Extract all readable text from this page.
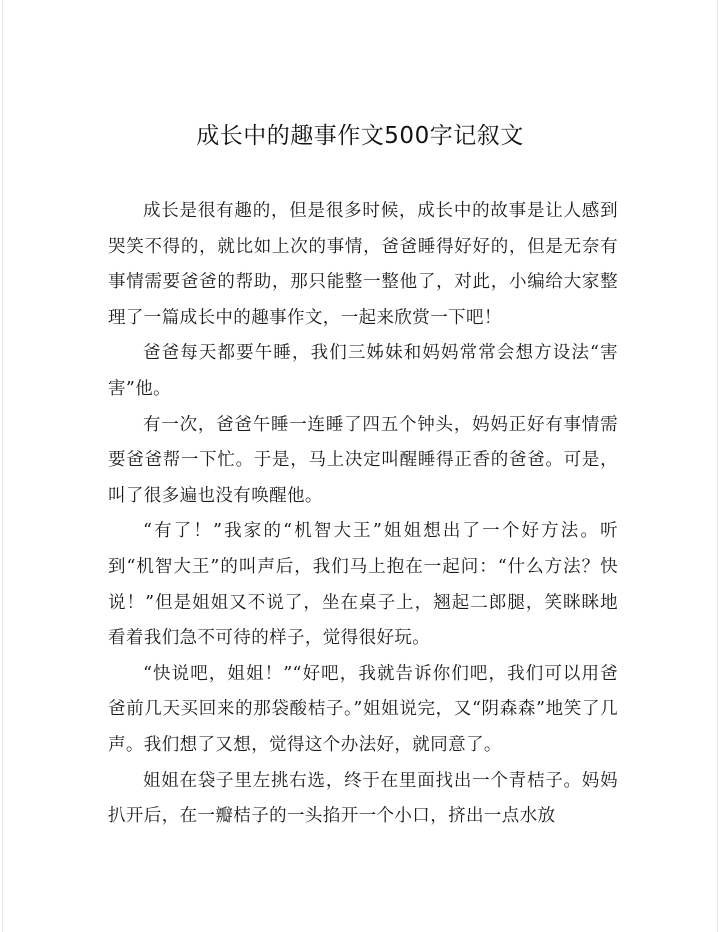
成长中的趣事作文500字记叙文

成长是很有趣的，但是很多时候，成长中的故事是让人感到哭笑不得的，就比如上次的事情，爸爸睡得好好的，但是无奈有事情需要爸爸的帮助，那只能整一整他了，对此，小编给大家整理了一篇成长中的趣事作文，一起来欣赏一下吧！

爸爸每天都要午睡，我们三姊妹和妈妈常常会想方设法“害害”他。

有一次，爸爸午睡一连睡了四五个钟头，妈妈正好有事情需要爸爸帮一下忙。于是，马上决定叫醒睡得正香的爸爸。可是，叫了很多遍也没有唤醒他。

“有了！”我家的“机智大王”姐姐想出了一个好方法。听到“机智大王”的叫声后，我们马上抱在一起问：“什么方法？快说！”但是姐姐又不说了，坐在桌子上，翘起二郎腿，笑眯眯地看着我们急不可待的样子，觉得很好玩。

“快说吧，姐姐！”“好吧，我就告诉你们吧，我们可以用爸爸前几天买回来的那袋酸桔子。”姐姐说完，又“阴森森”地笑了几声。我们想了又想，觉得这个办法好，就同意了。

姐姐在袋子里左挑右选，终于在里面找出一个青桔子。妈妈扒开后，在一瓣桔子的一头掐开一个小口，挤出一点水放
